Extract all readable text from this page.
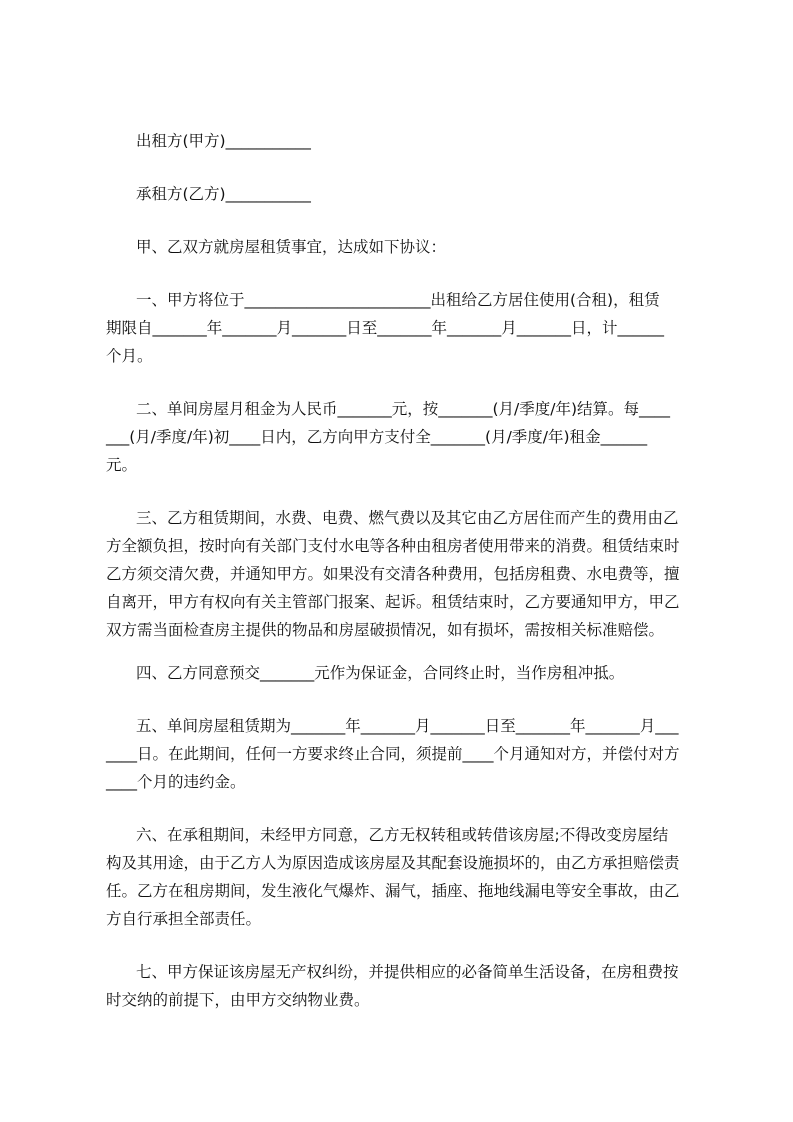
出租方(甲方)___________
承租方(乙方)___________
甲、乙双方就房屋租赁事宜，达成如下协议：
一、甲方将位于________________________出租给乙方居住使用(合租)，租赁
期限自_______年_______月_______日至_______年_______月_______日，计______
个月。
二、单间房屋月租金为人民币_______元，按_______(月/季度/年)结算。每____
___(月/季度/年)初____日内，乙方向甲方支付全_______(月/季度/年)租金______
元。
三、乙方租赁期间，水费、电费、燃气费以及其它由乙方居住而产生的费用由乙
方全额负担，按时向有关部门支付水电等各种由租房者使用带来的消费。租赁结束时
乙方须交清欠费，并通知甲方。如果没有交清各种费用，包括房租费、水电费等，擅
自离开，甲方有权向有关主管部门报案、起诉。租赁结束时，乙方要通知甲方，甲乙
双方需当面检查房主提供的物品和房屋破损情况，如有损坏，需按相关标准赔偿。
四、乙方同意预交_______元作为保证金，合同终止时，当作房租冲抵。
五、单间房屋租赁期为_______年_______月_______日至_______年_______月___
____日。在此期间，任何一方要求终止合同，须提前____个月通知对方，并偿付对方
____个月的违约金。
六、在承租期间，未经甲方同意，乙方无权转租或转借该房屋;不得改变房屋结
构及其用途，由于乙方人为原因造成该房屋及其配套设施损坏的，由乙方承担赔偿责
任。乙方在租房期间，发生液化气爆炸、漏气，插座、拖地线漏电等安全事故，由乙
方自行承担全部责任。
七、甲方保证该房屋无产权纠纷，并提供相应的必备简单生活设备，在房租费按
时交纳的前提下，由甲方交纳物业费。
